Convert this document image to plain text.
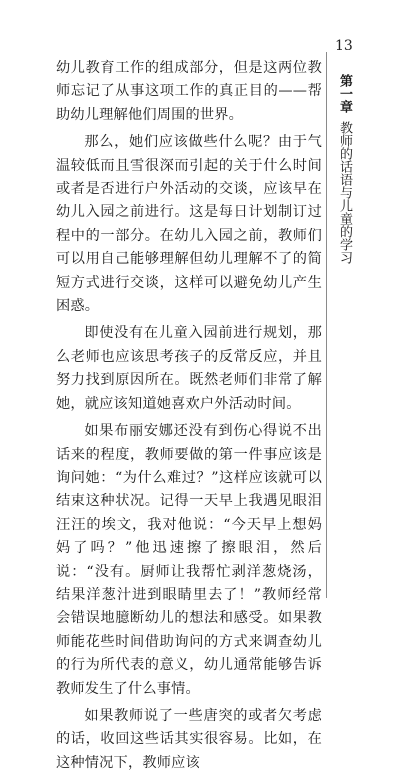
13
第一章教师的话语与儿童的学习

幼儿教育工作的组成部分，但是这两位教师忘记了从事这项工作的真正目的——帮助幼儿理解他们周围的世界。

那么，她们应该做些什么呢？由于气温较低而且雪很深而引起的关于什么时间或者是否进行户外活动的交谈，应该早在幼儿入园之前进行。这是每日计划制订过程中的一部分。在幼儿入园之前，教师们可以用自己能够理解但幼儿理解不了的简短方式进行交谈，这样可以避免幼儿产生困惑。

即使没有在儿童入园前进行规划，那么老师也应该思考孩子的反常反应，并且努力找到原因所在。既然老师们非常了解她，就应该知道她喜欢户外活动时间。

如果布丽安娜还没有到伤心得说不出话来的程度，教师要做的第一件事应该是询问她：“为什么难过？”这样应该就可以结束这种状况。记得一天早上我遇见眼泪汪汪的埃文，我对他说：“今天早上想妈妈了吗？”他迅速擦了擦眼泪，然后说：“没有。厨师让我帮忙剥洋葱烧汤，结果洋葱汁进到眼睛里去了！”教师经常会错误地臆断幼儿的想法和感受。如果教师能花些时间借助询问的方式来调查幼儿的行为所代表的意义，幼儿通常能够告诉教师发生了什么事情。

如果教师说了一些唐突的或者欠考虑的话，收回这些话其实很容易。比如，在这种情况下，教师应该
